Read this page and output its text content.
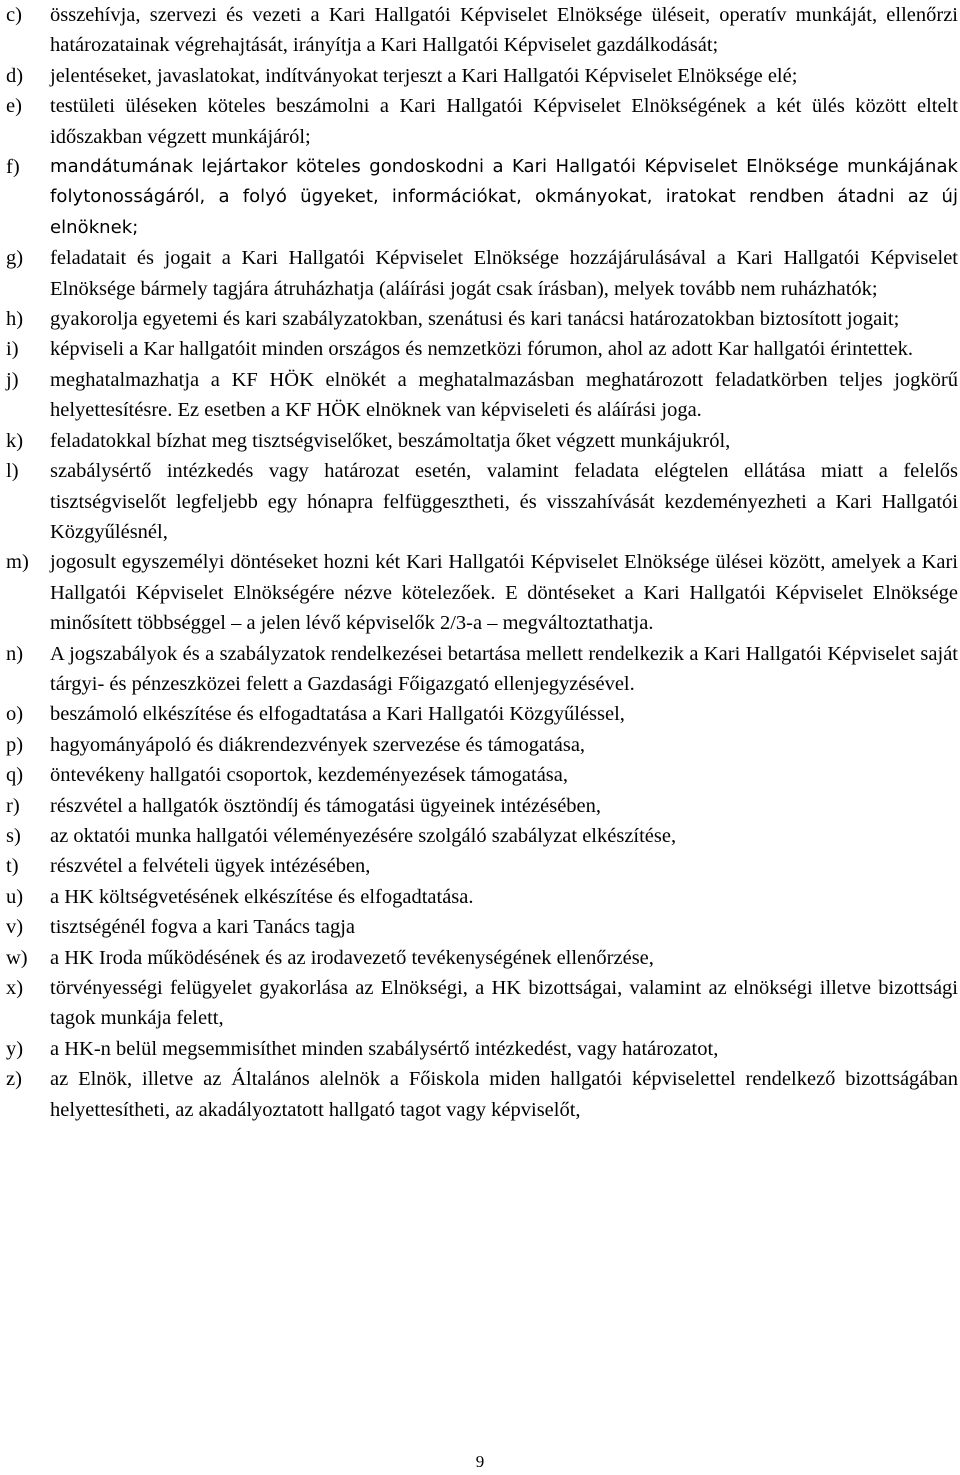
c) összehívja, szervezi és vezeti a Kari Hallgatói Képviselet Elnöksége üléseit, operatív munkáját, ellenőrzi határozatainak végrehajtását, irányítja a Kari Hallgatói Képviselet gazdálkodását;
d) jelentéseket, javaslatokat, indítványokat terjeszt a Kari Hallgatói Képviselet Elnöksége elé;
e) testületi üléseken köteles beszámolni a Kari Hallgatói Képviselet Elnökségének a két ülés között eltelt időszakban végzett munkájáról;
f) mandátumának lejártakor köteles gondoskodni a Kari Hallgatói Képviselet Elnöksége munkájának folytonosságáról, a folyó ügyeket, információkat, okmányokat, iratokat rendben átadni az új elnöknek;
g) feladatait és jogait a Kari Hallgatói Képviselet Elnöksége hozzájárulásával a Kari Hallgatói Képviselet Elnöksége bármely tagjára átruházhatja (aláírási jogát csak írásban), melyek tovább nem ruházhatók;
h) gyakorolja egyetemi és kari szabályzatokban, szenátusi és kari tanácsi határozatokban biztosított jogait;
i) képviseli a Kar hallgatóit minden országos és nemzetközi fórumon, ahol az adott Kar hallgatói érintettek.
j) meghatalmazhatja a KF HÖK elnökét a meghatalmazásban meghatározott feladatkörben teljes jogkörű helyettesítésre. Ez esetben a KF HÖK elnöknek van képviseleti és aláírási joga.
k) feladatokkal bízhat meg tisztségviselőket, beszámoltatja őket végzett munkájukról,
l) szabálysértő intézkedés vagy határozat esetén, valamint feladata elégtelen ellátása miatt a felelős tisztségviselőt legfeljebb egy hónapra felfüggesztheti, és visszahívását kezdeményezheti a Kari Hallgatói Közgyűlésnél,
m) jogosult egyszemélyi döntéseket hozni két Kari Hallgatói Képviselet Elnöksége ülései között, amelyek a Kari Hallgatói Képviselet Elnökségére nézve kötelezőek. E döntéseket a Kari Hallgatói Képviselet Elnöksége minősített többséggel – a jelen lévő képviselők 2/3-a – megváltoztathatja.
n) A jogszabályok és a szabályzatok rendelkezései betartása mellett rendelkezik a Kari Hallgatói Képviselet saját tárgyi- és pénzeszközei felett a Gazdasági Főigazgató ellenjegyzésével.
o) beszámoló elkészítése és elfogadtatása a Kari Hallgatói Közgyűléssel,
p) hagyományápoló és diákrendezvények szervezése és támogatása,
q) öntevékeny hallgatói csoportok, kezdeményezések támogatása,
r) részvétel a hallgatók ösztöndíj és támogatási ügyeinek intézésében,
s) az oktatói munka hallgatói véleményezésére szolgáló szabályzat elkészítése,
t) részvétel a felvételi ügyek intézésében,
u) a HK költségvetésének elkészítése és elfogadtatása.
v) tisztségénél fogva a kari Tanács tagja
w) a HK Iroda működésének és az irodavezető tevékenységének ellenőrzése,
x) törvényességi felügyelet gyakorlása az Elnökségi, a HK bizottságai, valamint az elnökségi illetve bizottsági tagok munkája felett,
y) a HK-n belül megsemmisíthet minden szabálysértő intézkedést, vagy határozatot,
z) az Elnök, illetve az Általános alelnök a Főiskola miden hallgatói képviselettel rendelkező bizottságában helyettesítheti, az akadályoztatott hallgató tagot vagy képviselőt,
9
